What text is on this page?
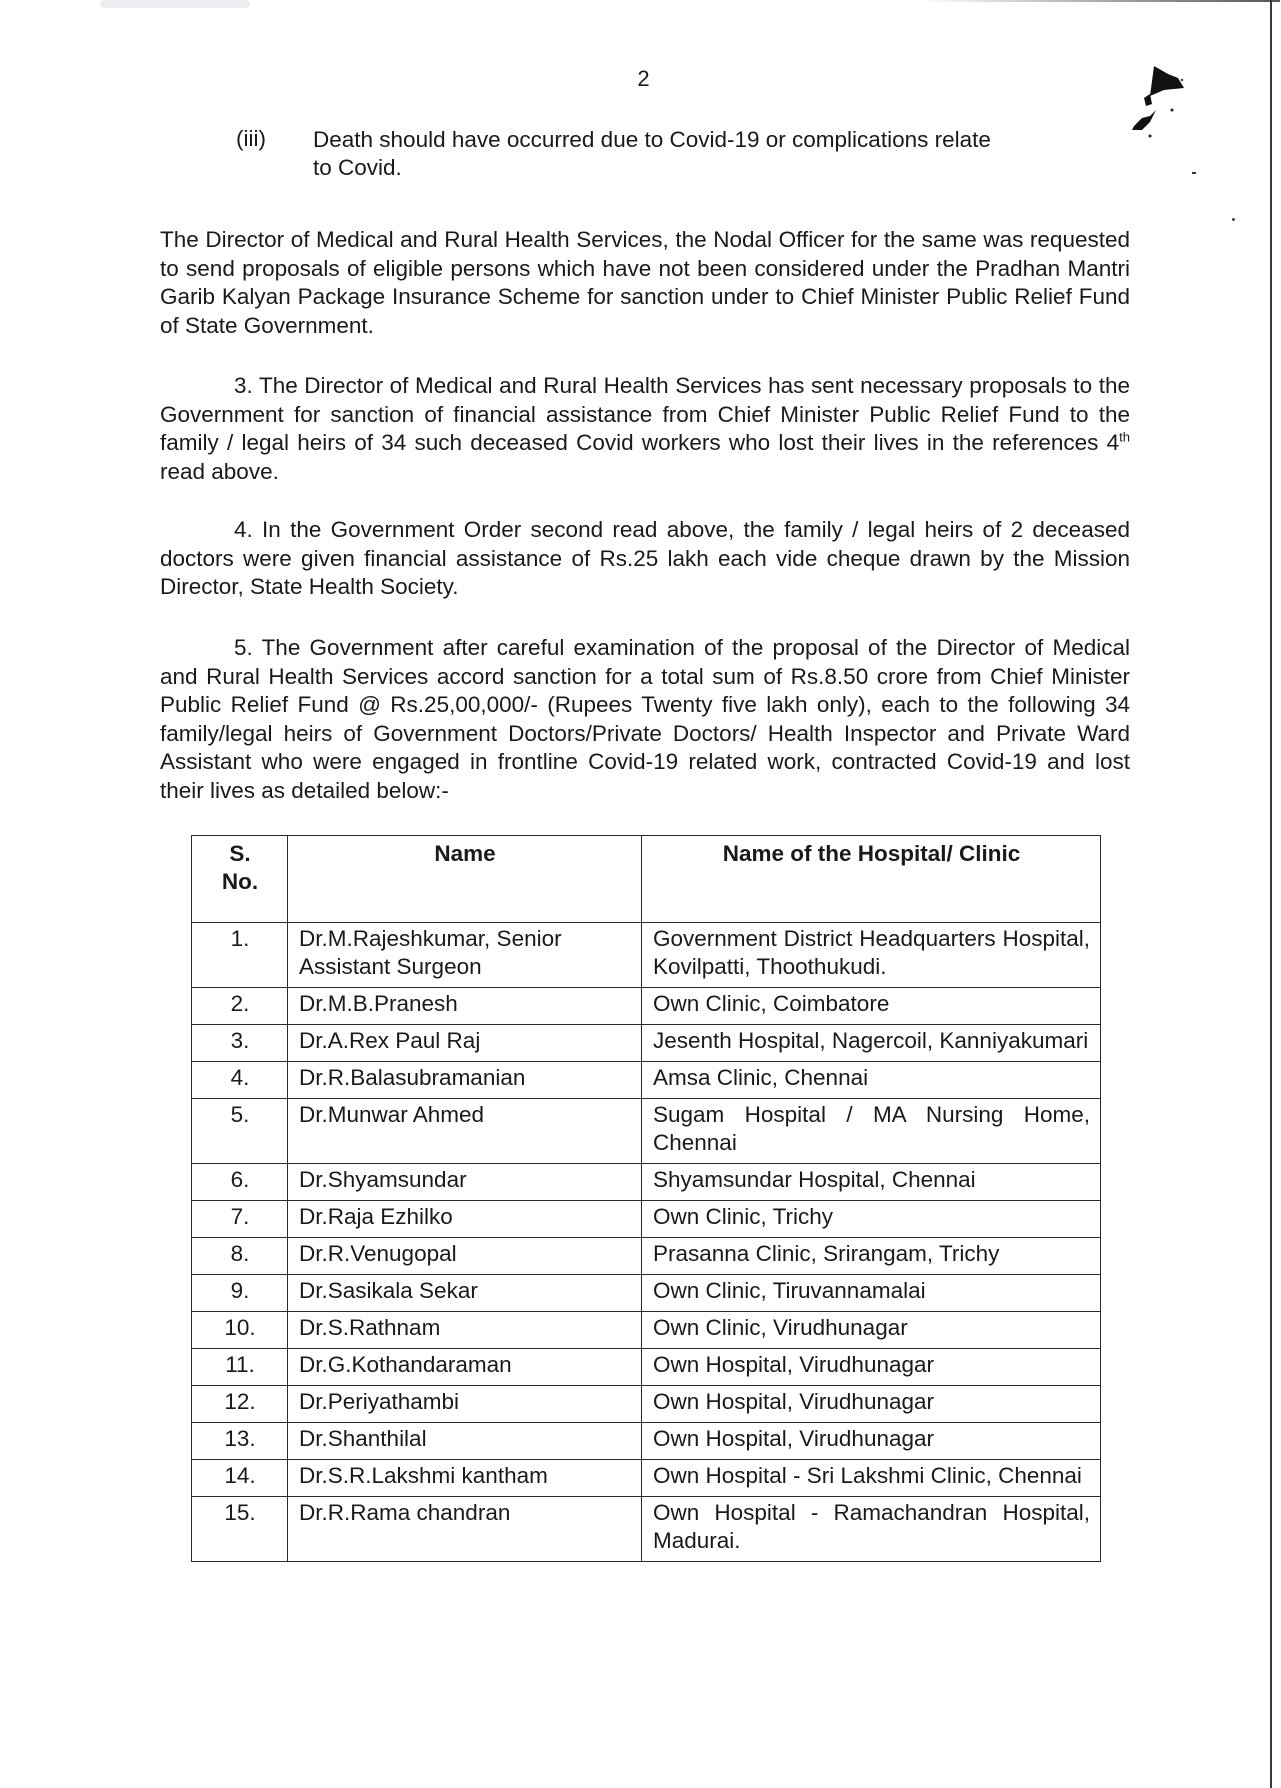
2
(iii) Death should have occurred due to Covid-19 or complications relate
to Covid.
The Director of Medical and Rural Health Services, the Nodal Officer for the same was requested to send proposals of eligible persons which have not been considered under the Pradhan Mantri Garib Kalyan Package Insurance Scheme for sanction under to Chief Minister Public Relief Fund of State Government.
3. The Director of Medical and Rural Health Services has sent necessary proposals to the Government for sanction of financial assistance from Chief Minister Public Relief Fund to the family / legal heirs of 34 such deceased Covid workers who lost their lives in the references 4th read above.
4. In the Government Order second read above, the family / legal heirs of 2 deceased doctors were given financial assistance of Rs.25 lakh each vide cheque drawn by the Mission Director, State Health Society.
5. The Government after careful examination of the proposal of the Director of Medical and Rural Health Services accord sanction for a total sum of Rs.8.50 crore from Chief Minister Public Relief Fund @ Rs.25,00,000/- (Rupees Twenty five lakh only), each to the following 34 family/legal heirs of Government Doctors/Private Doctors/ Health Inspector and Private Ward Assistant who were engaged in frontline Covid-19 related work, contracted Covid-19 and lost their lives as detailed below:-
S.
No.	Name	Name of the Hospital/ Clinic
1.	Dr.M.Rajeshkumar, Senior Assistant Surgeon	Government District Headquarters Hospital, Kovilpatti, Thoothukudi.
2.	Dr.M.B.Pranesh	Own Clinic, Coimbatore
3.	Dr.A.Rex Paul Raj	Jesenth Hospital, Nagercoil, Kanniyakumari
4.	Dr.R.Balasubramanian	Amsa Clinic, Chennai
5.	Dr.Munwar Ahmed	Sugam Hospital / MA Nursing Home, Chennai
6.	Dr.Shyamsundar	Shyamsundar Hospital, Chennai
7.	Dr.Raja Ezhilko	Own Clinic, Trichy
8.	Dr.R.Venugopal	Prasanna Clinic, Srirangam, Trichy
9.	Dr.Sasikala Sekar	Own Clinic, Tiruvannamalai
10.	Dr.S.Rathnam	Own Clinic, Virudhunagar
11.	Dr.G.Kothandaraman	Own Hospital, Virudhunagar
12.	Dr.Periyathambi	Own Hospital, Virudhunagar
13.	Dr.Shanthilal	Own Hospital, Virudhunagar
14.	Dr.S.R.Lakshmi kantham	Own Hospital - Sri Lakshmi Clinic, Chennai
15.	Dr.R.Rama chandran	Own Hospital - Ramachandran Hospital, Madurai.
